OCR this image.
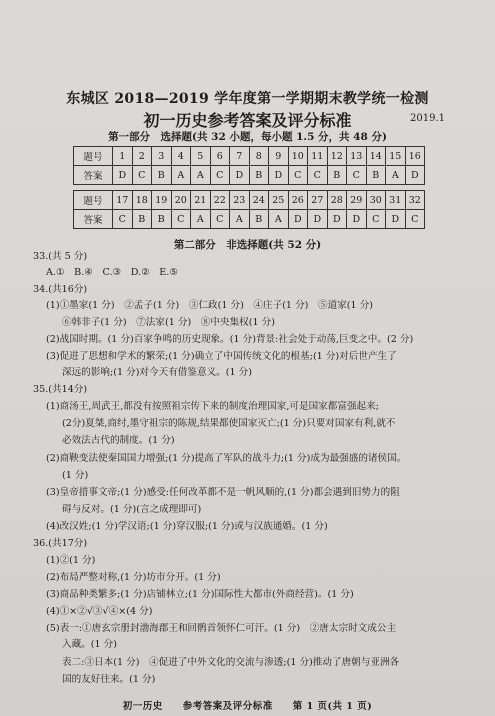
东城区 2018—2019 学年度第一学期期末教学统一检测
初一历史参考答案及评分标准	2019.1
第一部分　选择题(共 32 小题，每小题 1.5 分，共 48 分)
题号	1	2	3	4	5	6	7	8	9	10	11	12	13	14	15	16
答案	D	C	B	A	A	C	D	B	D	C	C	B	C	B	A	D

题号	17	18	19	20	21	22	23	24	25	26	27	28	29	30	31	32
答案	C	B	B	C	A	C	A	B	A	D	D	D	D	C	D	C
第二部分　非选择题(共 52 分)
33.(共 5 分)
A.①　B.④　C.③　D.②　E.⑤
34.(共16分)
(1)①墨家(1 分)　②孟子(1 分)　③仁政(1 分)　④庄子(1 分)　⑤道家(1 分)
⑥韩非子(1 分)　⑦法家(1 分)　⑧中央集权(1 分)
(2)战国时期。(1 分)百家争鸣的历史现象。(1 分)背景:社会处于动荡,巨变之中。(2 分)
(3)促进了思想和学术的繁荣;(1 分)确立了中国传统文化的根基;(1 分)对后世产生了
深远的影响;(1 分)对今天有借鉴意义。(1 分)
35.(共14分)
(1)商汤王,周武王,都没有按照祖宗传下来的制度治理国家,可是国家都富强起来;
(2分)夏桀,商纣,墨守祖宗的陈规,结果都使国家灭亡;(1 分)只要对国家有利,就不
必效法古代的制度。(1 分)
(2)商鞅变法使秦国国力增强;(1 分)提高了军队的战斗力;(1 分)成为最强盛的诸侯国。
(1 分)
(3)皇帝措事文帝;(1 分)感受:任何改革都不是一帆风顺的,(1 分)都会遇到旧势力的阻
碍与反对。(1 分)(言之成理即可)
(4)改汉姓;(1 分)学汉语;(1 分)穿汉服;(1 分)或与汉族通婚。(1 分)
36.(共17分)
(1)②(1 分)
(2)布局严整对称,(1 分)坊市分开。(1 分)
(3)商品种类繁多;(1 分)店铺林立;(1 分)国际性大都市(外商经营)。(1 分)
(4)①×②√③√④×(4 分)
(5)表一:①唐玄宗册封渤海郡王和回鹘首领怀仁可汗。(1 分)　②唐太宗时文成公主
入藏。(1 分)
表二:③日本(1 分)　④促进了中外文化的交流与渗透;(1 分)推动了唐朝与亚洲各
国的友好往来。(1 分)
初一历史　　参考答案及评分标准　　第 1 页(共 1 页)
